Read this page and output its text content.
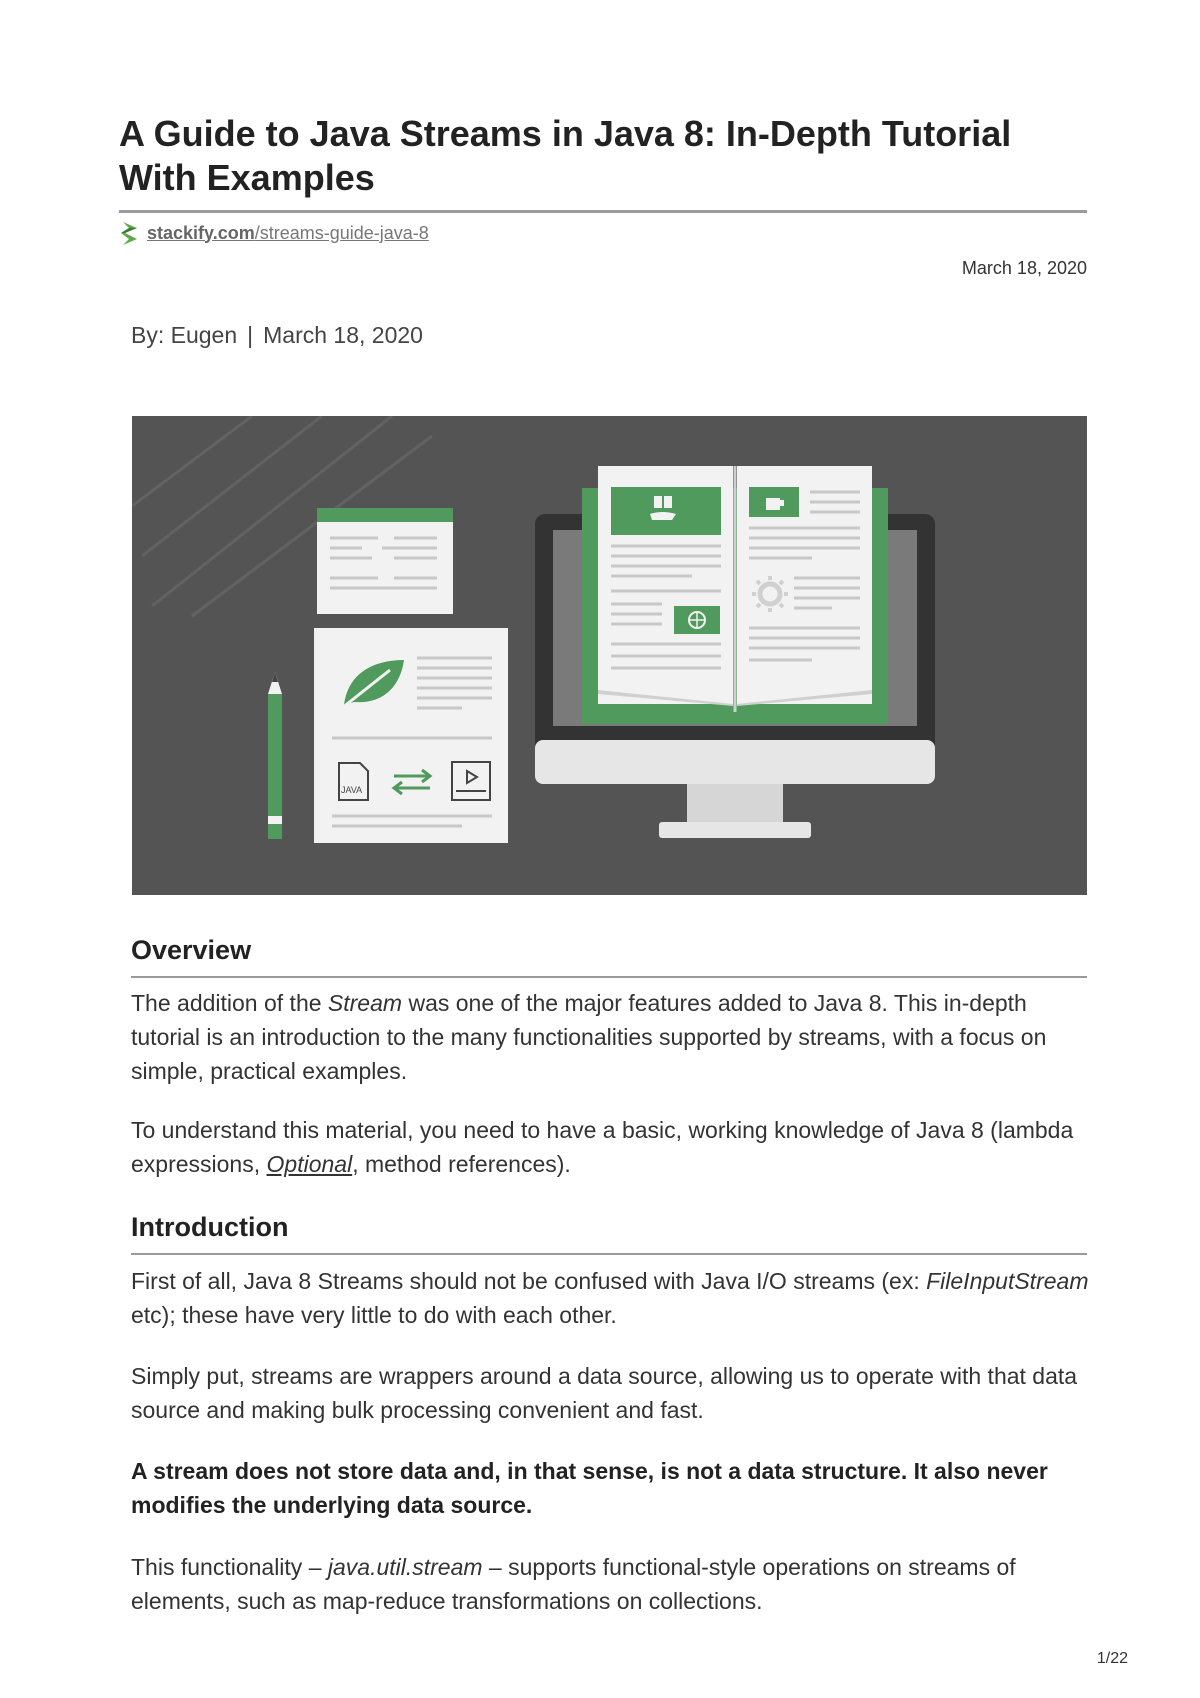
A Guide to Java Streams in Java 8: In-Depth Tutorial With Examples
stackify.com/streams-guide-java-8
March 18, 2020
By: Eugen | March 18, 2020
JAVA
Overview

The addition of the Stream was one of the major features added to Java 8. This in-depth tutorial is an introduction to the many functionalities supported by streams, with a focus on simple, practical examples.

To understand this material, you need to have a basic, working knowledge of Java 8 (lambda expressions, Optional, method references).

Introduction

First of all, Java 8 Streams should not be confused with Java I/O streams (ex: FileInputStream etc); these have very little to do with each other.

Simply put, streams are wrappers around a data source, allowing us to operate with that data source and making bulk processing convenient and fast.

A stream does not store data and, in that sense, is not a data structure. It also never modifies the underlying data source.

This functionality – java.util.stream – supports functional-style operations on streams of elements, such as map-reduce transformations on collections.

1/22
